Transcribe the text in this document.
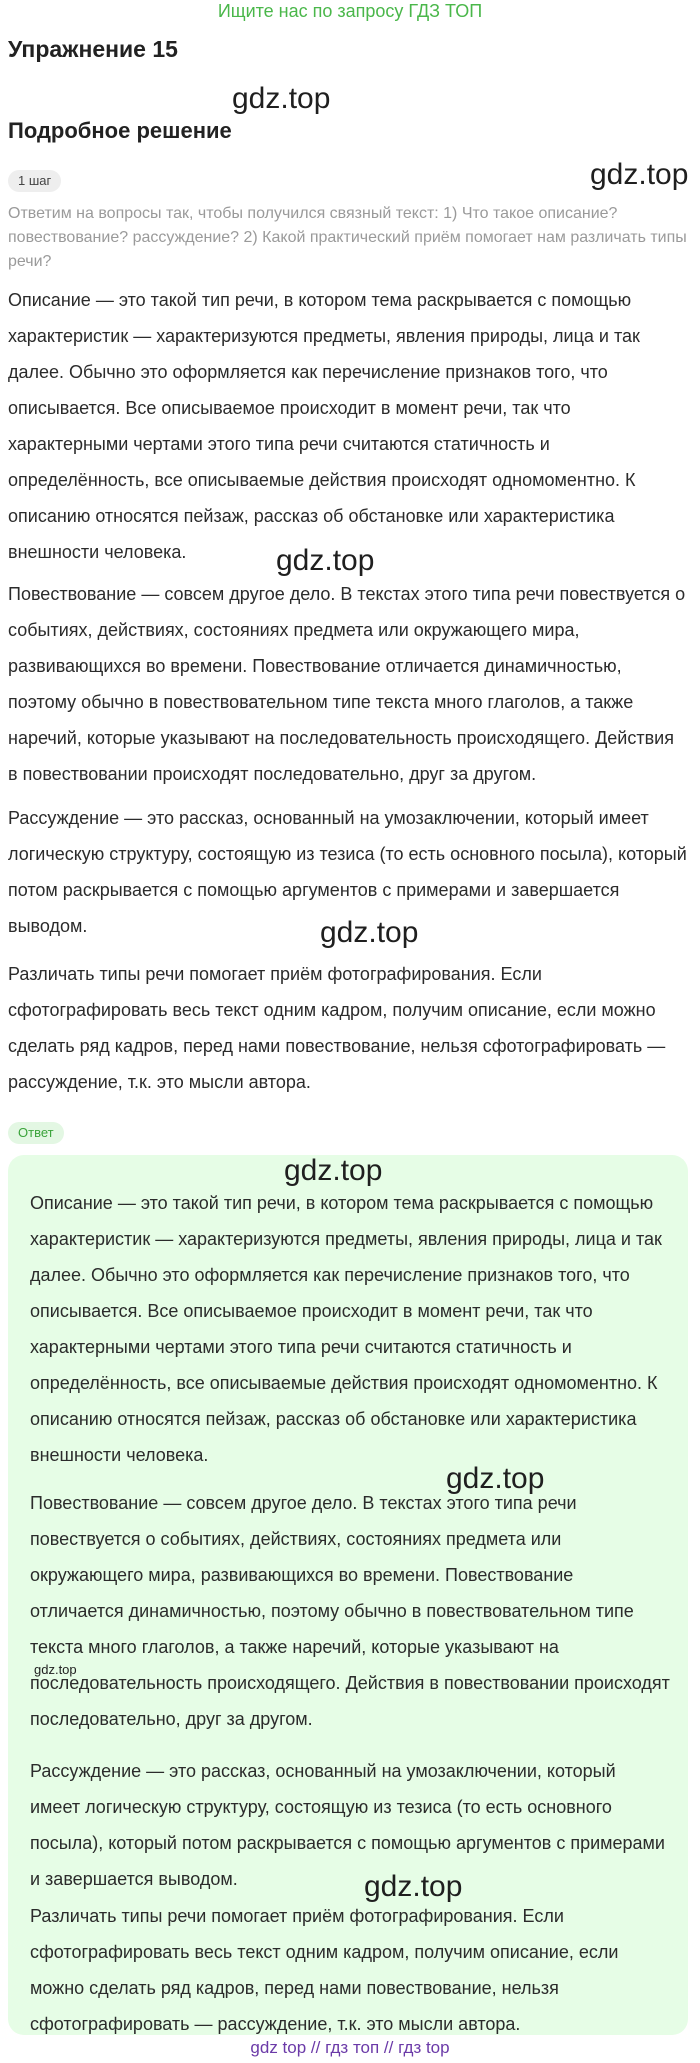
Ищите нас по запросу ГДЗ ТОП
Упражнение 15
gdz.top
Подробное решение
gdz.top
1 шаг
Ответим на вопросы так, чтобы получился связный текст: 1) Что такое описание? повествование? рассуждение? 2) Какой практический приём помогает нам различать типы речи?
Описание — это такой тип речи, в котором тема раскрывается с помощью характеристик — характеризуются предметы, явления природы, лица и так далее. Обычно это оформляется как перечисление признаков того, что описывается. Все описываемое происходит в момент речи, так что характерными чертами этого типа речи считаются статичность и определённость, все описываемые действия происходят одномоментно. К описанию относятся пейзаж, рассказ об обстановке или характеристика внешности человека.	gdz.top
Повествование — совсем другое дело. В текстах этого типа речи повествуется о событиях, действиях, состояниях предмета или окружающего мира, развивающихся во времени. Повествование отличается динамичностью, поэтому обычно в повествовательном типе текста много глаголов, а также наречий, которые указывают на последовательность происходящего. Действия в повествовании происходят последовательно, друг за другом.
Рассуждение — это рассказ, основанный на умозаключении, который имеет логическую структуру, состоящую из тезиса (то есть основного посыла), который потом раскрывается с помощью аргументов с примерами и завершается выводом.	gdz.top
Различать типы речи помогает приём фотографирования. Если сфотографировать весь текст одним кадром, получим описание, если можно сделать ряд кадров, перед нами повествование, нельзя сфотографировать — рассуждение, т.к. это мысли автора.
Ответ
gdz.top
Описание — это такой тип речи, в котором тема раскрывается с помощью характеристик — характеризуются предметы, явления природы, лица и так далее. Обычно это оформляется как перечисление признаков того, что описывается. Все описываемое происходит в момент речи, так что характерными чертами этого типа речи считаются статичность и определённость, все описываемые действия происходят одномоментно. К описанию относятся пейзаж, рассказ об обстановке или характеристика внешности человека.
gdz.top
Повествование — совсем другое дело. В текстах этого типа речи повествуется о событиях, действиях, состояниях предмета или окружающего мира, развивающихся во времени. Повествование отличается динамичностью, поэтому обычно в повествовательном типе текста много глаголов, а также наречий, которые указывают на последовательность происходящего. Действия в повествовании происходят последовательно, друг за другом.
gdz.top
Рассуждение — это рассказ, основанный на умозаключении, который имеет логическую структуру, состоящую из тезиса (то есть основного посыла), который потом раскрывается с помощью аргументов с примерами и завершается выводом.	gdz.top
Различать типы речи помогает приём фотографирования. Если сфотографировать весь текст одним кадром, получим описание, если можно сделать ряд кадров, перед нами повествование, нельзя сфотографировать — рассуждение, т.к. это мысли автора.
gdz top // гдз топ // гдз top
